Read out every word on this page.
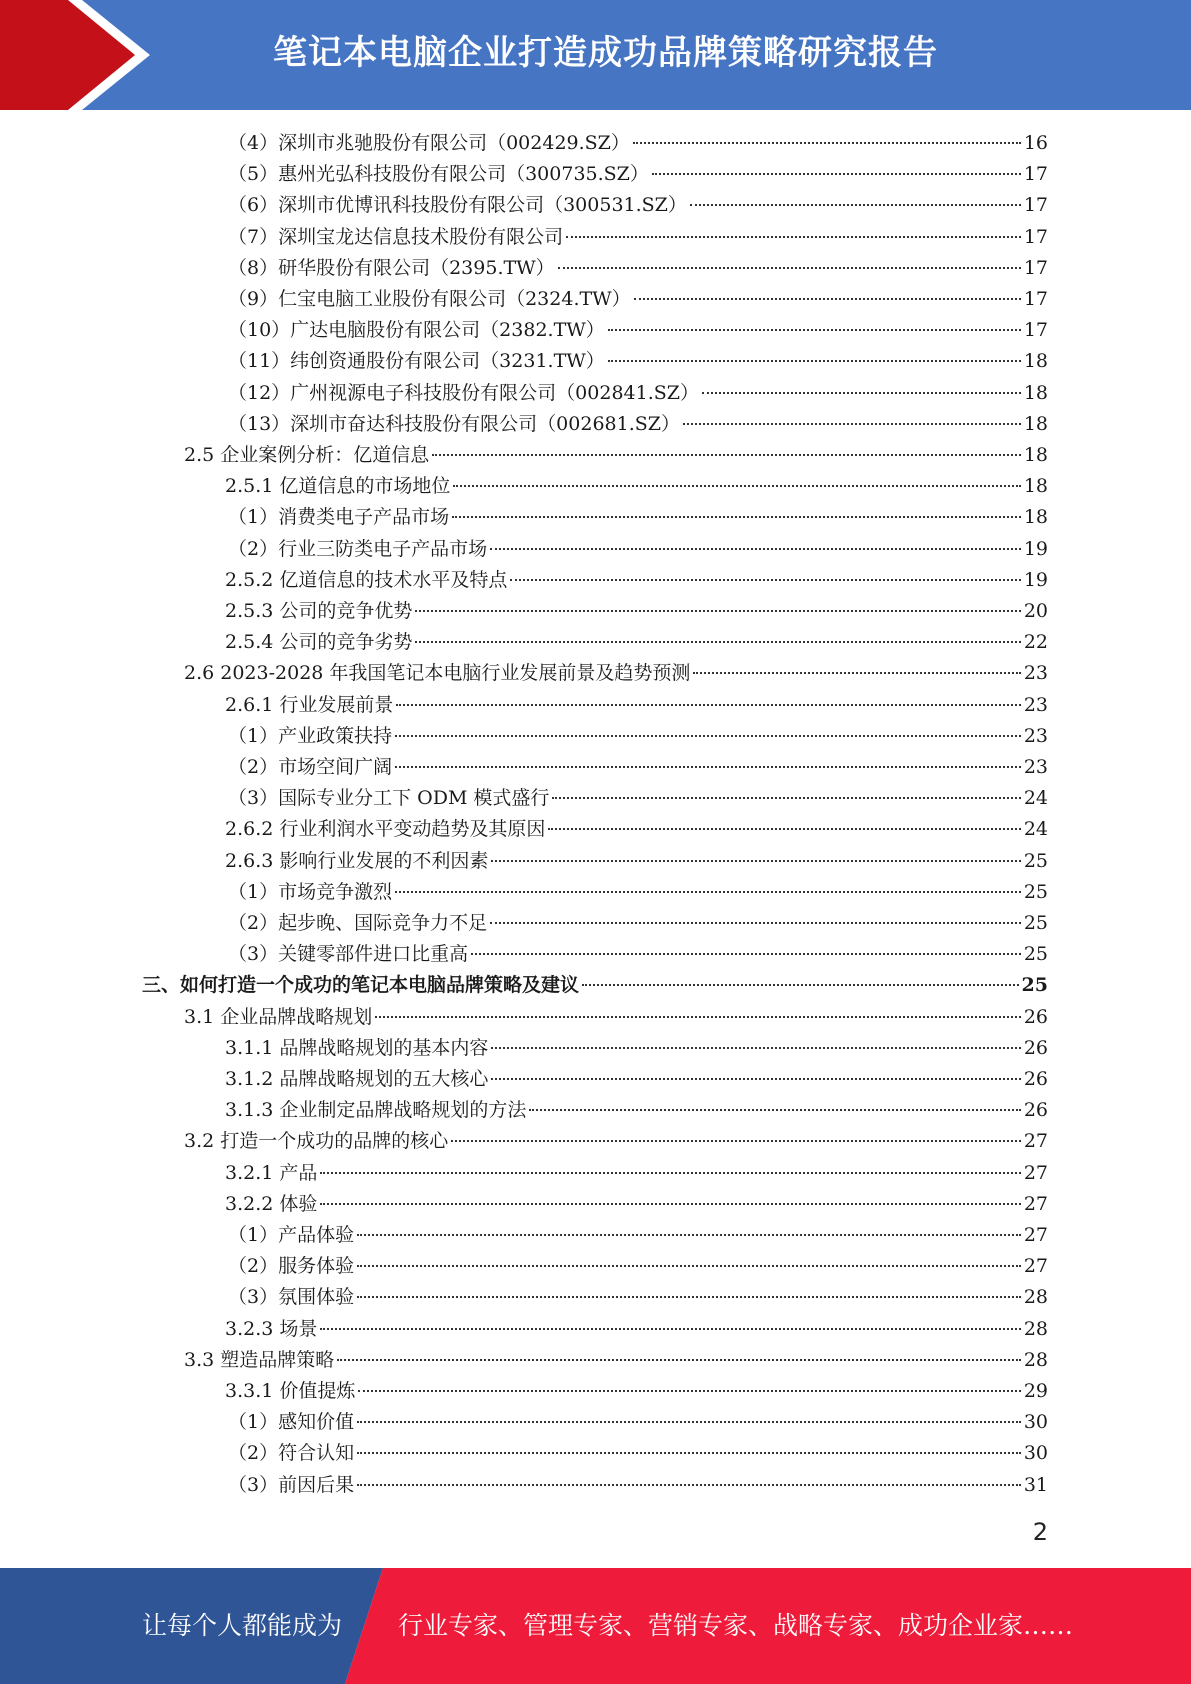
笔记本电脑企业打造成功品牌策略研究报告
（4）深圳市兆驰股份有限公司（002429.SZ）	16
（5）惠州光弘科技股份有限公司（300735.SZ）	17
（6）深圳市优博讯科技股份有限公司（300531.SZ）	17
（7）深圳宝龙达信息技术股份有限公司	17
（8）研华股份有限公司（2395.TW）	17
（9）仁宝电脑工业股份有限公司（2324.TW）	17
（10）广达电脑股份有限公司（2382.TW）	17
（11）纬创资通股份有限公司（3231.TW）	18
（12）广州视源电子科技股份有限公司（002841.SZ）	18
（13）深圳市奋达科技股份有限公司（002681.SZ）	18
2.5 企业案例分析：亿道信息	18
2.5.1 亿道信息的市场地位	18
（1）消费类电子产品市场	18
（2）行业三防类电子产品市场	19
2.5.2 亿道信息的技术水平及特点	19
2.5.3 公司的竞争优势	20
2.5.4 公司的竞争劣势	22
2.6 2023-2028 年我国笔记本电脑行业发展前景及趋势预测	23
2.6.1 行业发展前景	23
（1）产业政策扶持	23
（2）市场空间广阔	23
（3）国际专业分工下 ODM 模式盛行	24
2.6.2 行业利润水平变动趋势及其原因	24
2.6.3 影响行业发展的不利因素	25
（1）市场竞争激烈	25
（2）起步晚、国际竞争力不足	25
（3）关键零部件进口比重高	25
三、如何打造一个成功的笔记本电脑品牌策略及建议	25
3.1 企业品牌战略规划	26
3.1.1 品牌战略规划的基本内容	26
3.1.2 品牌战略规划的五大核心	26
3.1.3 企业制定品牌战略规划的方法	26
3.2 打造一个成功的品牌的核心	27
3.2.1 产品	27
3.2.2 体验	27
（1）产品体验	27
（2）服务体验	27
（3）氛围体验	28
3.2.3 场景	28
3.3 塑造品牌策略	28
3.3.1 价值提炼	29
（1）感知价值	30
（2）符合认知	30
（3）前因后果	31
2
让每个人都能成为 行业专家、管理专家、营销专家、战略专家、成功企业家……
